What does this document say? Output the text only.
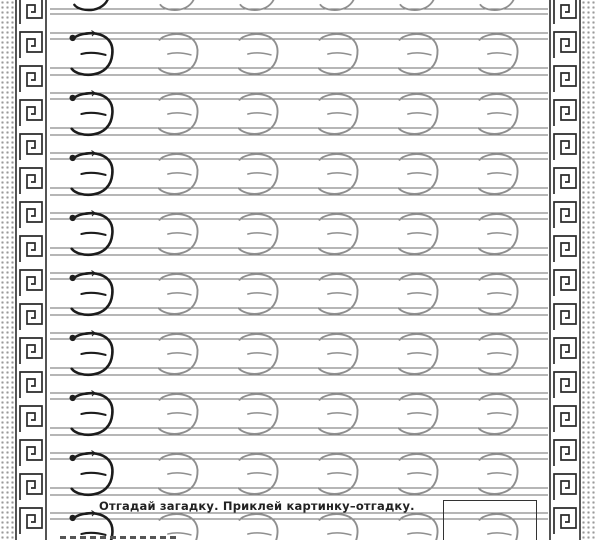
Отгадай загадку. Приклей картинку–отгадку.
